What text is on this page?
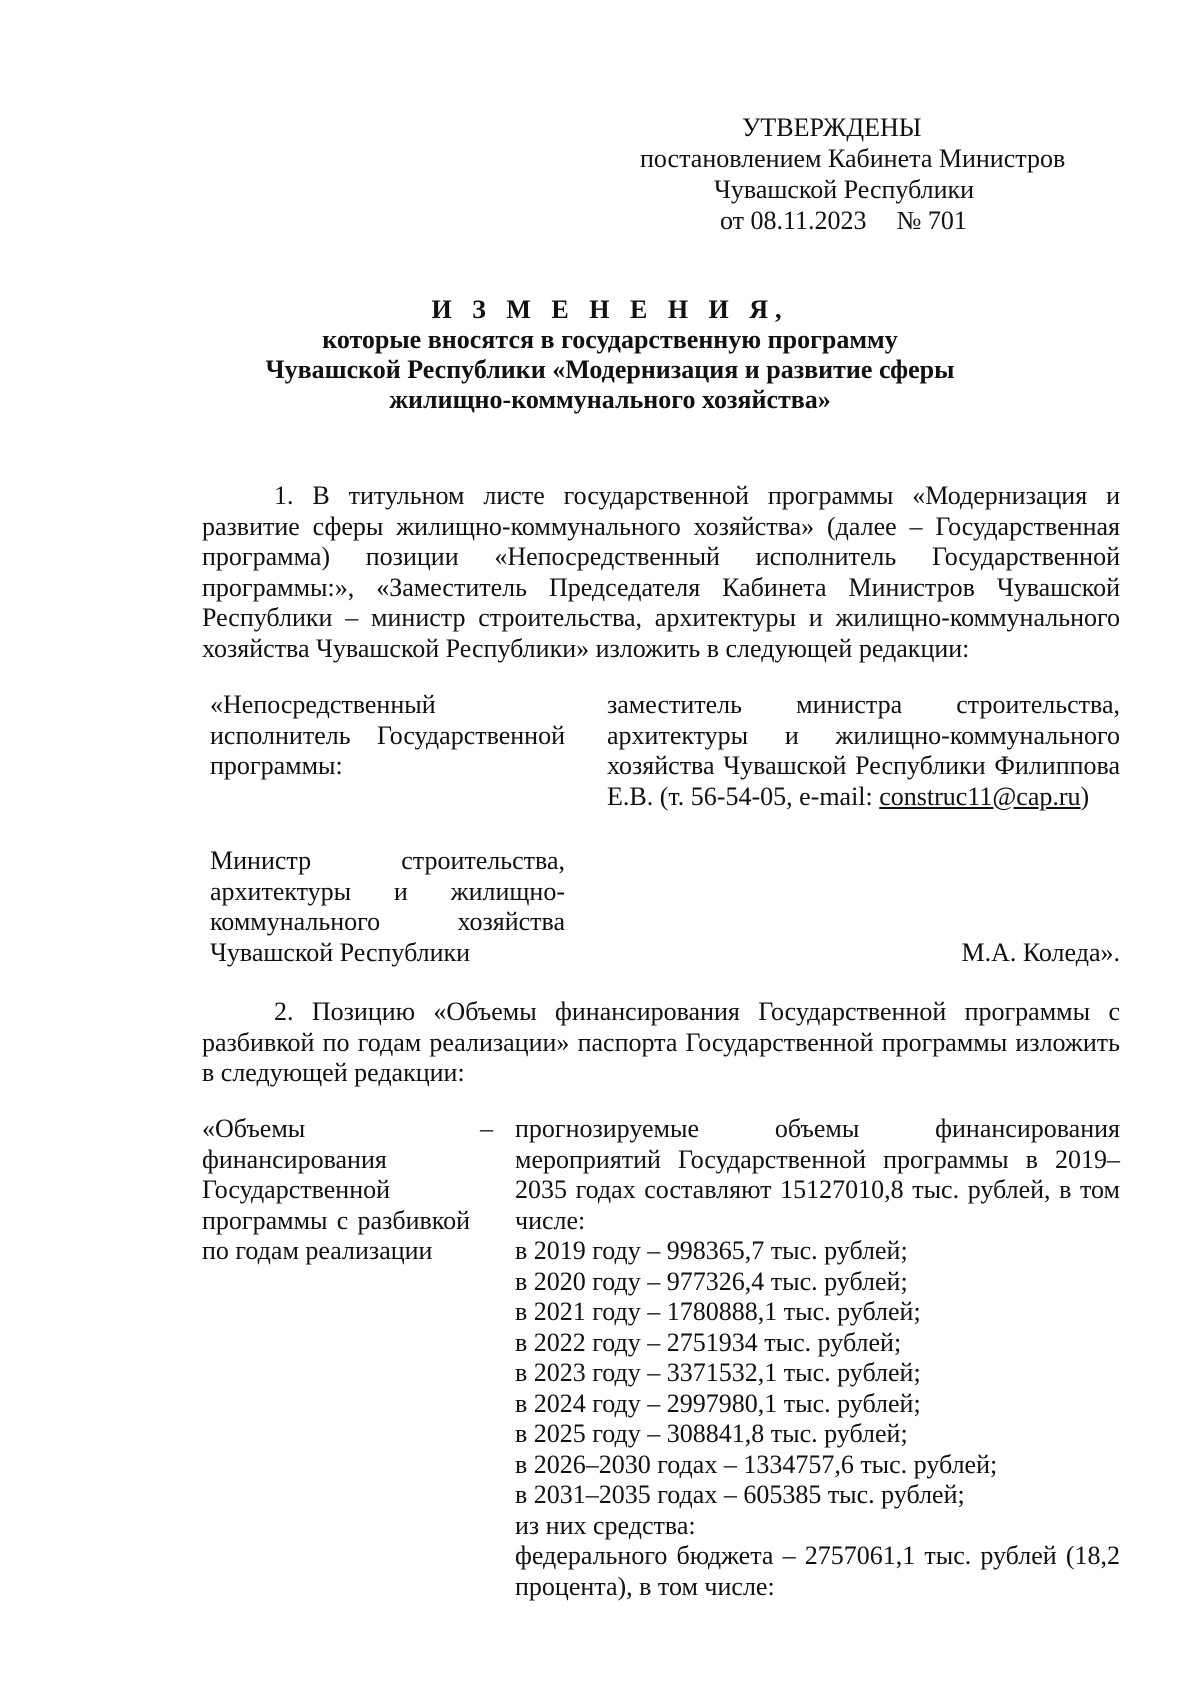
УТВЕРЖДЕНЫ
постановлением Кабинета Министров
Чувашской Республики
от 08.11.2023 № 701
И З М Е Н Е Н И Я,
которые вносятся в государственную программу
Чувашской Республики «Модернизация и развитие сферы
жилищно-коммунального хозяйства»
1. В титульном листе государственной программы «Модернизация и развитие сферы жилищно-коммунального хозяйства» (далее – Государственная программа) позиции «Непосредственный исполнитель Государственной программы:», «Заместитель Председателя Кабинета Министров Чувашской Республики – министр строительства, архитектуры и жилищно-коммунального хозяйства Чувашской Республики» изложить в следующей редакции:
«Непосредственный исполнитель Государственной программы:
заместитель министра строительства, архитектуры и жилищно-коммунального хозяйства Чувашской Республики Филиппова Е.В. (т. 56-54-05, e-mail: construc11@cap.ru)
Министр строительства, архитектуры и жилищно-коммунального хозяйства Чувашской Республики	М.А. Коледа».
2. Позицию «Объемы финансирования Государственной программы с разбивкой по годам реализации» паспорта Государственной программы изложить в следующей редакции:
«Объемы финансирования Государственной программы с разбивкой по годам реализации
– прогнозируемые объемы финансирования мероприятий Государственной программы в 2019–2035 годах составляют 15127010,8 тыс. рублей, в том числе:
в 2019 году – 998365,7 тыс. рублей;
в 2020 году – 977326,4 тыс. рублей;
в 2021 году – 1780888,1 тыс. рублей;
в 2022 году – 2751934 тыс. рублей;
в 2023 году – 3371532,1 тыс. рублей;
в 2024 году – 2997980,1 тыс. рублей;
в 2025 году – 308841,8 тыс. рублей;
в 2026–2030 годах – 1334757,6 тыс. рублей;
в 2031–2035 годах – 605385 тыс. рублей;
из них средства:
федерального бюджета – 2757061,1 тыс. рублей (18,2 процента), в том числе:
